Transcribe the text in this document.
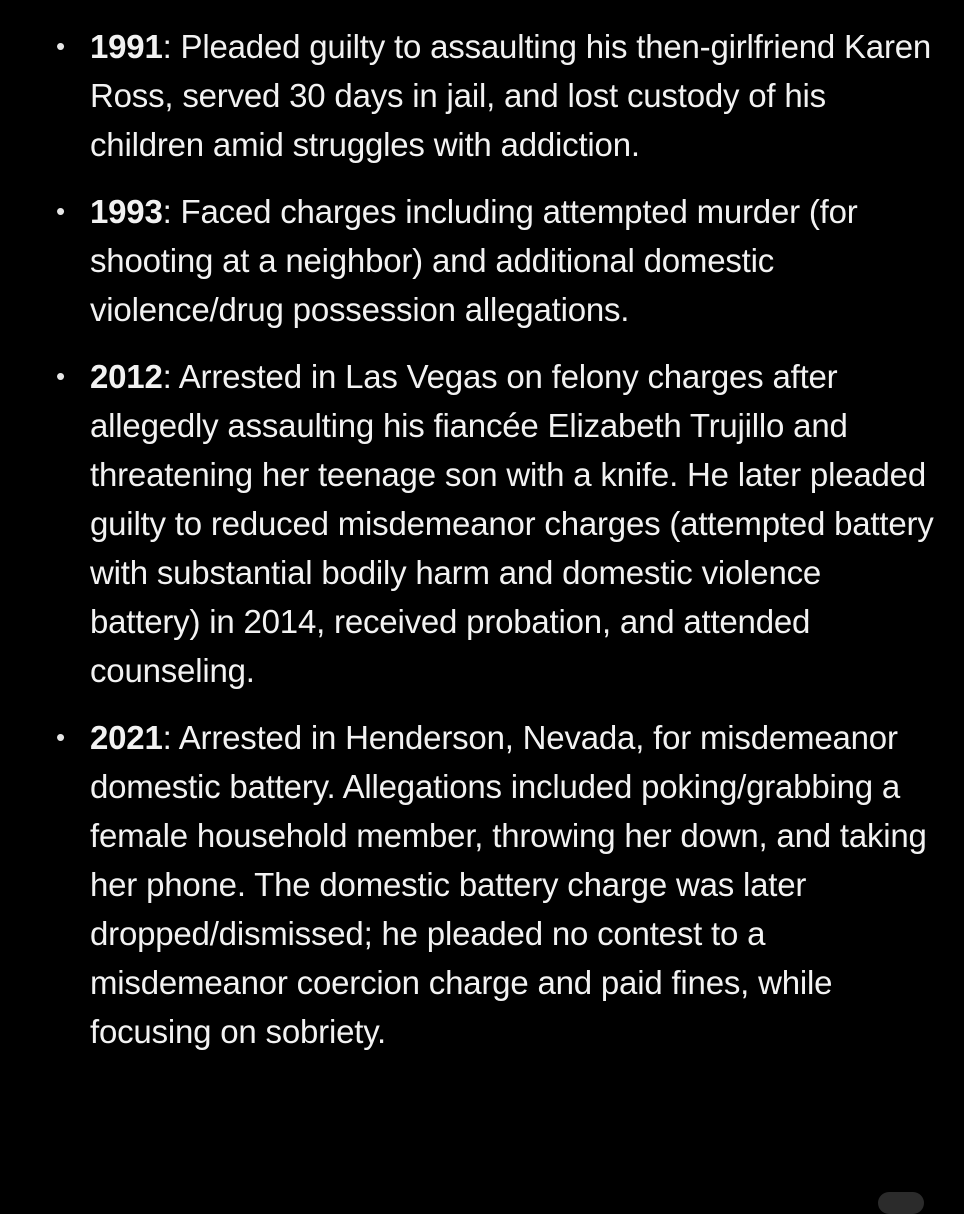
• 1991: Pleaded guilty to assaulting his then-girlfriend Karen Ross, served 30 days in jail, and lost custody of his children amid struggles with addiction.
• 1993: Faced charges including attempted murder (for shooting at a neighbor) and additional domestic violence/drug possession allegations.
• 2012: Arrested in Las Vegas on felony charges after allegedly assaulting his fiancée Elizabeth Trujillo and threatening her teenage son with a knife. He later pleaded guilty to reduced misdemeanor charges (attempted battery with substantial bodily harm and domestic violence battery) in 2014, received probation, and attended counseling.
• 2021: Arrested in Henderson, Nevada, for misdemeanor domestic battery. Allegations included poking/grabbing a female household member, throwing her down, and taking her phone. The domestic battery charge was later dropped/dismissed; he pleaded no contest to a misdemeanor coercion charge and paid fines, while focusing on sobriety.
